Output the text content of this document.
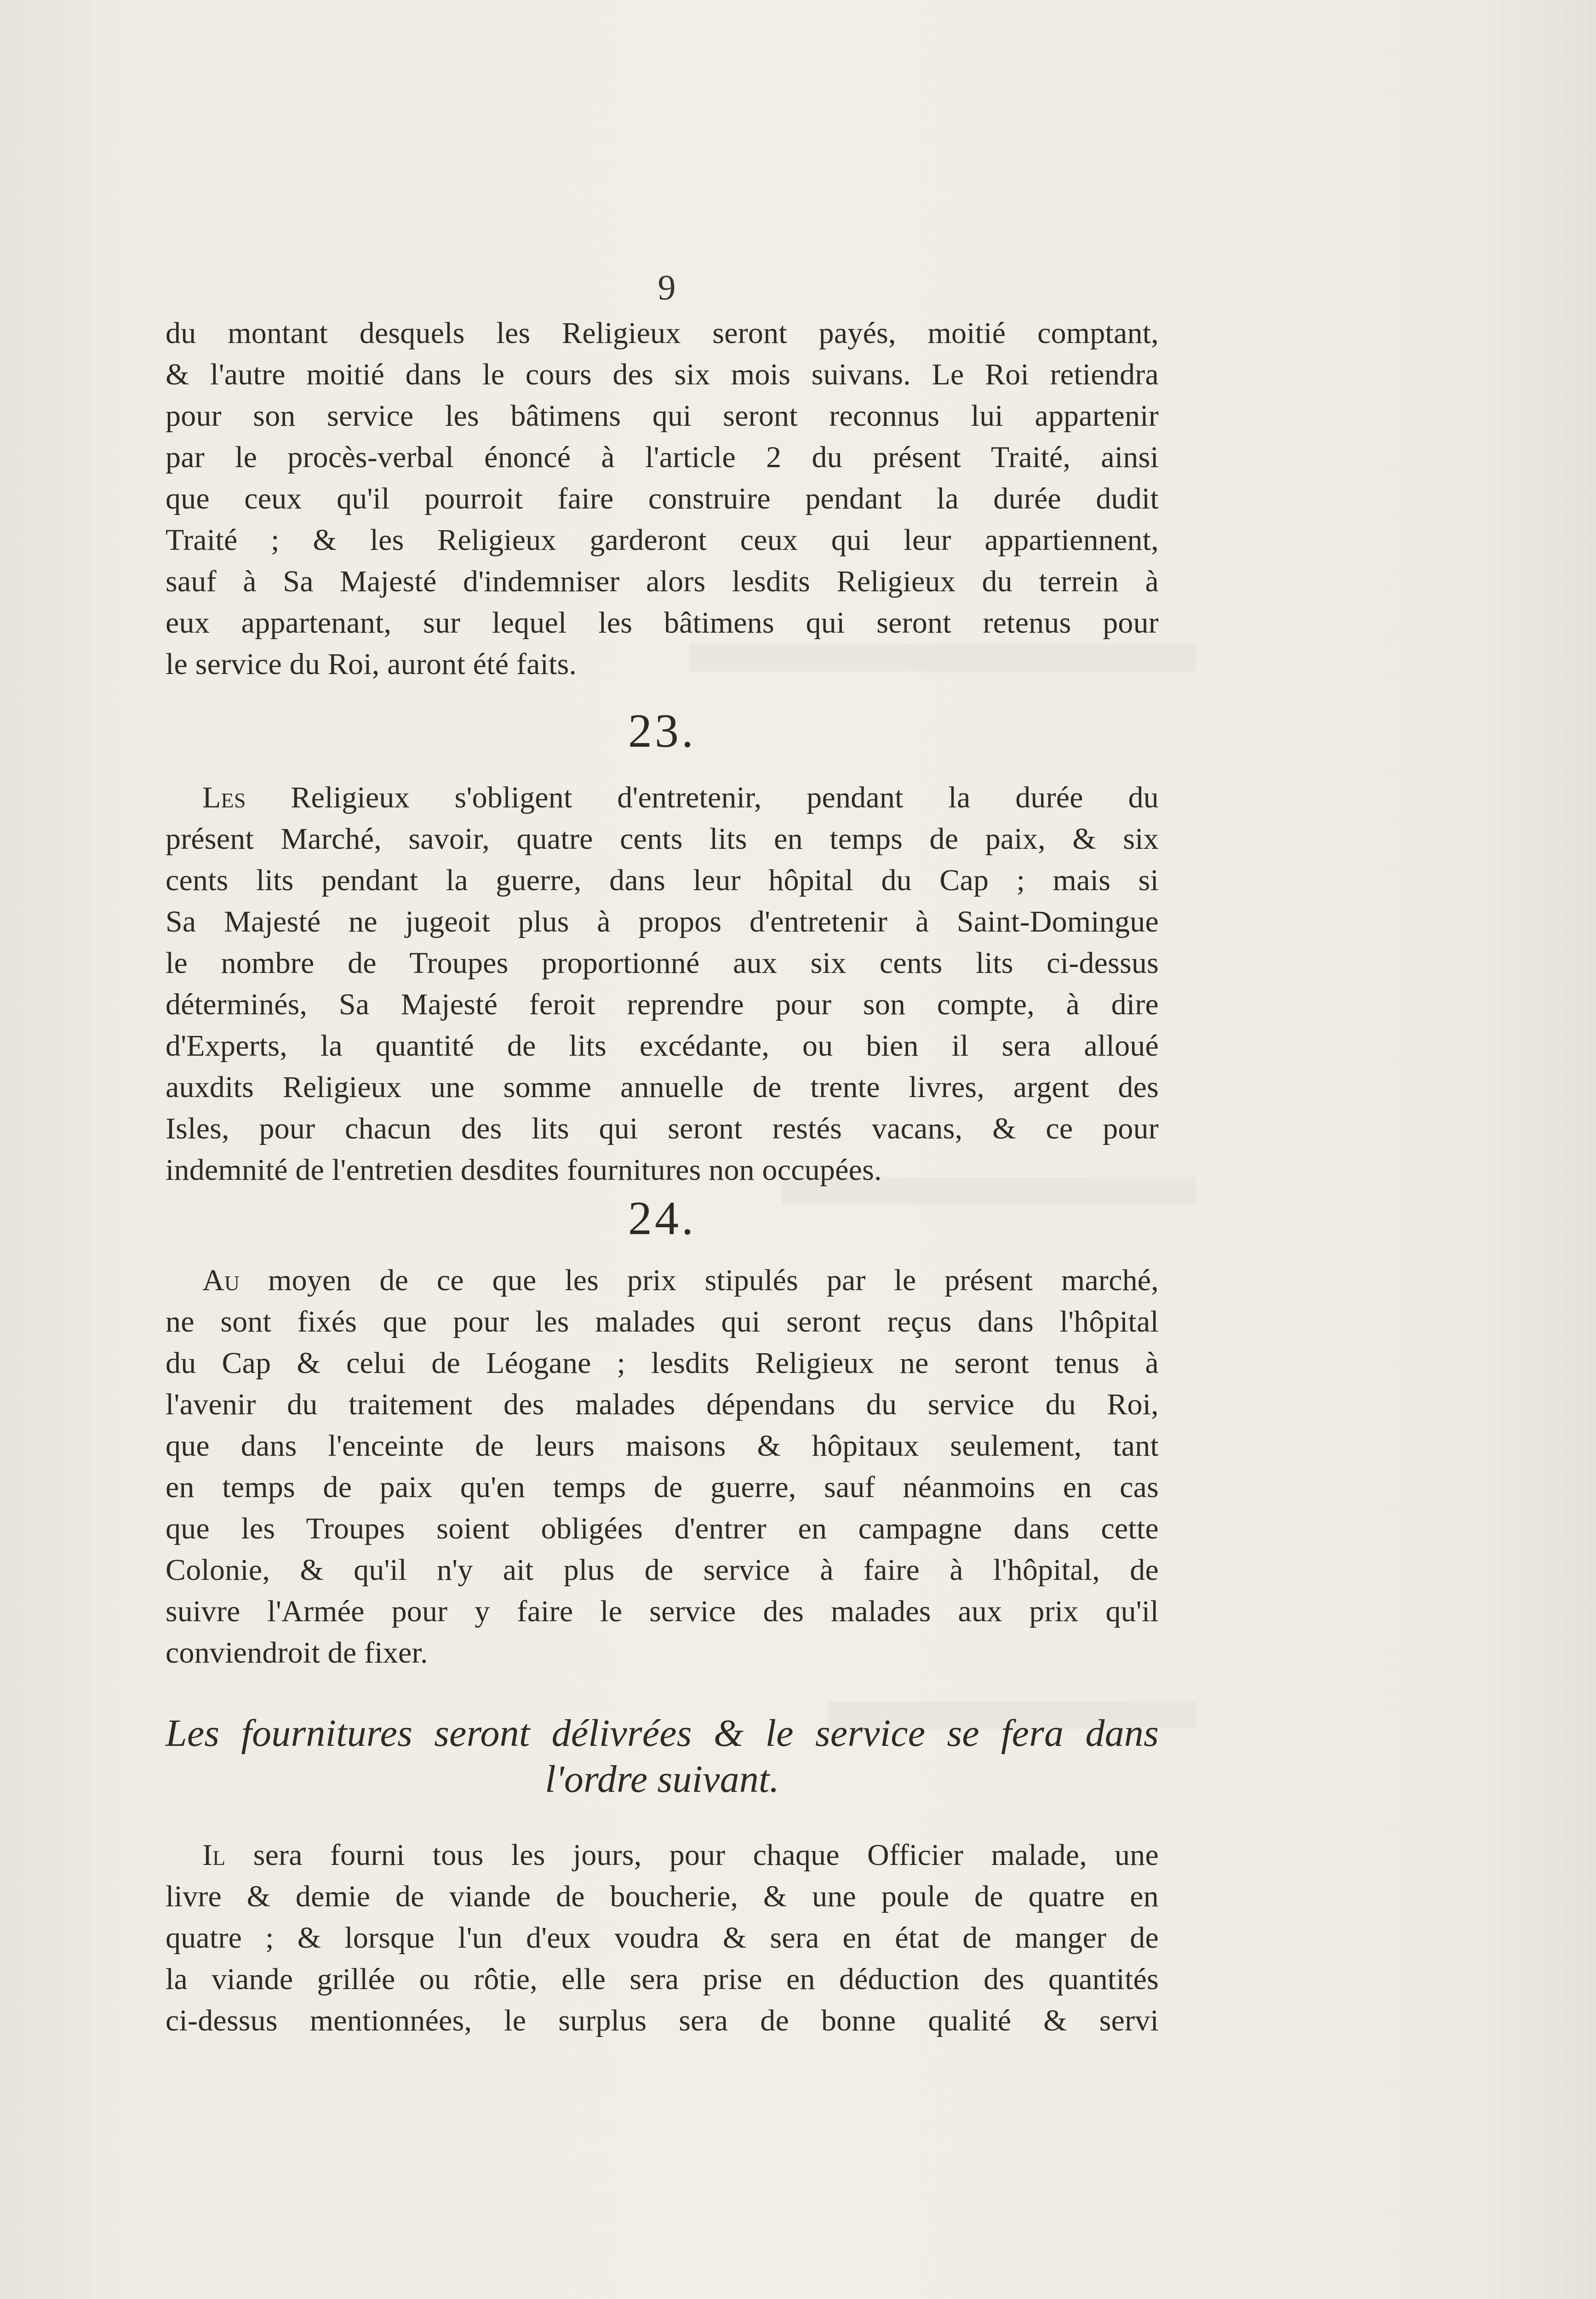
9
du montant desquels les Religieux seront payés, moitié comptant,
& l'autre moitié dans le cours des six mois suivans. Le Roi retiendra
pour son service les bâtimens qui seront reconnus lui appartenir
par le procès-verbal énoncé à l'article 2 du présent Traité, ainsi
que ceux qu'il pourroit faire construire pendant la durée dudit
Traité ; & les Religieux garderont ceux qui leur appartiennent,
sauf à Sa Majesté d'indemniser alors lesdits Religieux du terrein à
eux appartenant, sur lequel les bâtimens qui seront retenus pour
le service du Roi, auront été faits.
23.
Les Religieux s'obligent d'entretenir, pendant la durée du
présent Marché, savoir, quatre cents lits en temps de paix, & six
cents lits pendant la guerre, dans leur hôpital du Cap ; mais si
Sa Majesté ne jugeoit plus à propos d'entretenir à Saint-Domingue
le nombre de Troupes proportionné aux six cents lits ci-dessus
déterminés, Sa Majesté feroit reprendre pour son compte, à dire
d'Experts, la quantité de lits excédante, ou bien il sera alloué
auxdits Religieux une somme annuelle de trente livres, argent des
Isles, pour chacun des lits qui seront restés vacans, & ce pour
indemnité de l'entretien desdites fournitures non occupées.
24.
Au moyen de ce que les prix stipulés par le présent marché,
ne sont fixés que pour les malades qui seront reçus dans l'hôpital
du Cap & celui de Léogane ; lesdits Religieux ne seront tenus à
l'avenir du traitement des malades dépendans du service du Roi,
que dans l'enceinte de leurs maisons & hôpitaux seulement, tant
en temps de paix qu'en temps de guerre, sauf néanmoins en cas
que les Troupes soient obligées d'entrer en campagne dans cette
Colonie, & qu'il n'y ait plus de service à faire à l'hôpital, de
suivre l'Armée pour y faire le service des malades aux prix qu'il
conviendroit de fixer.
Les fournitures seront délivrées & le service se fera dans
l'ordre suivant.
Il sera fourni tous les jours, pour chaque Officier malade, une
livre & demie de viande de boucherie, & une poule de quatre en
quatre ; & lorsque l'un d'eux voudra & sera en état de manger de
la viande grillée ou rôtie, elle sera prise en déduction des quantités
ci-dessus mentionnées, le surplus sera de bonne qualité & servi
